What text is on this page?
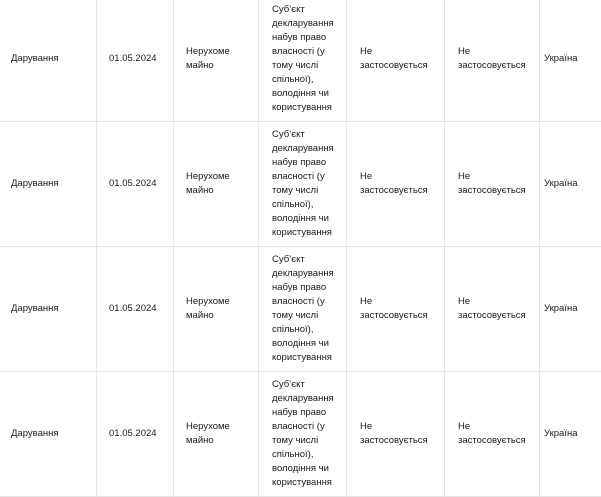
Дарування	01.05.2024
Нерухоме майно
Суб’єкт декларування набув право власності (у тому числі спільної), володіння чи користування
Не застосовується
Не застосовується
Україна
Дарування	01.05.2024
Нерухоме майно
Суб’єкт декларування набув право власності (у тому числі спільної), володіння чи користування
Не застосовується
Не застосовується
Україна
Дарування	01.05.2024
Нерухоме майно
Суб’єкт декларування набув право власності (у тому числі спільної), володіння чи користування
Не застосовується
Не застосовується
Україна
Дарування	01.05.2024
Нерухоме майно
Суб’єкт декларування набув право власності (у тому числі спільної), володіння чи користування
Не застосовується
Не застосовується
Україна
